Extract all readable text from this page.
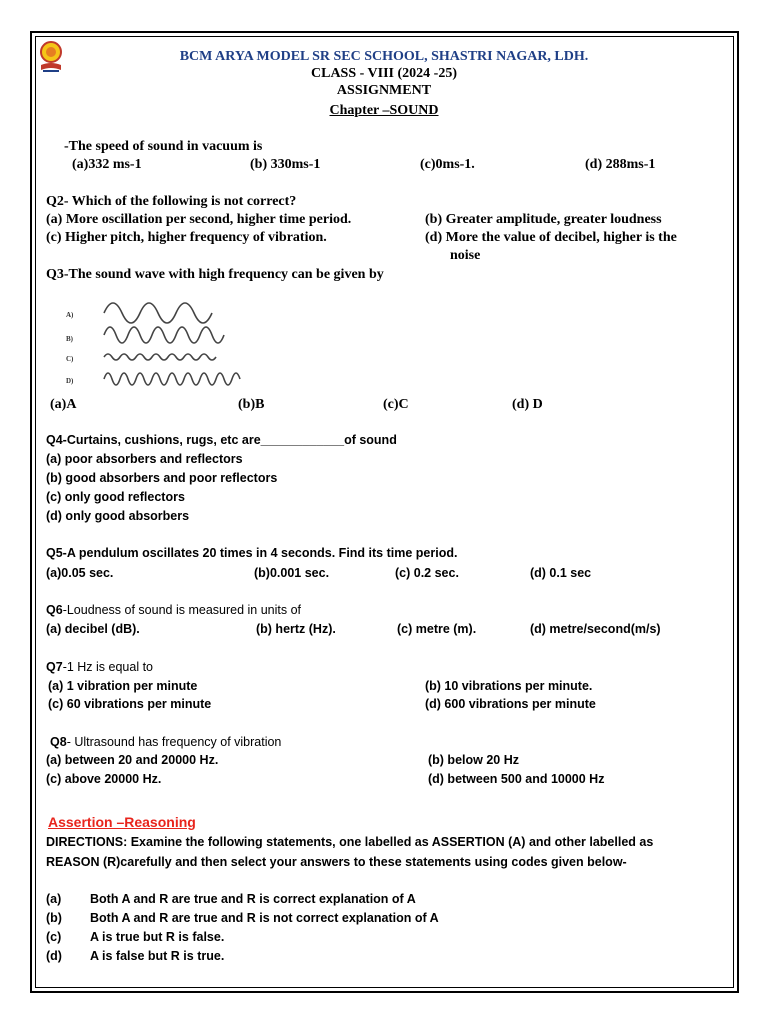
BCM ARYA MODEL SR SEC SCHOOL, SHASTRI NAGAR, LDH.
CLASS - VIII (2024 -25)
ASSIGNMENT
Chapter –SOUND
-The speed of sound in vacuum is
(a)332 ms-1	(b) 330ms-1	(c)0ms-1.	(d) 288ms-1
Q2- Which of the following is not correct?
(a) More oscillation per second, higher time period.	(b) Greater amplitude, greater loudness
(c) Higher pitch, higher frequency of vibration.	(d) More the value of decibel, higher is the
noise
Q3-The sound wave with high frequency can be given by
A)
B)
C)
D)
(a)A	(b)B	(c)C	(d) D
Q4-Curtains, cushions, rugs, etc are____________of sound
(a) poor absorbers and reflectors
(b) good absorbers and poor reflectors
(c) only good reflectors
(d) only good absorbers
Q5-A pendulum oscillates 20 times in 4 seconds. Find its time period.
(a)0.05 sec.	(b)0.001 sec.	(c) 0.2 sec.	(d) 0.1 sec
Q6-Loudness of sound is measured in units of
(a) decibel (dB).	(b) hertz (Hz).	(c) metre (m).	(d) metre/second(m/s)
Q7-1 Hz is equal to
(a) 1 vibration per minute	(b) 10 vibrations per minute.
(c) 60 vibrations per minute	(d) 600 vibrations per minute
Q8- Ultrasound has frequency of vibration
(a) between 20 and 20000 Hz.	(b) below 20 Hz
(c) above 20000 Hz.	(d) between 500 and 10000 Hz
Assertion –Reasoning
DIRECTIONS: Examine the following statements, one labelled as ASSERTION (A) and other labelled as
REASON (R)carefully and then select your answers to these statements using codes given below-
(a) Both A and R are true and R is correct explanation of A
(b) Both A and R are true and R is not correct explanation of A
(c) A is true but R is false.
(d) A is false but R is true.
